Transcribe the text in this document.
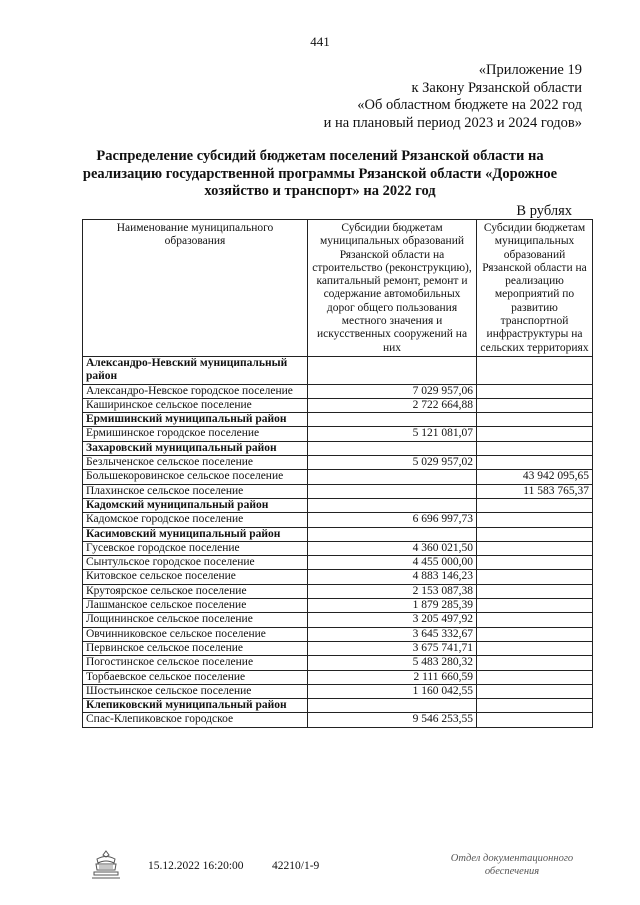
441
«Приложение 19
к Закону Рязанской области
«Об областном бюджете на 2022 год
и на плановый период 2023 и 2024 годов»
Распределение субсидий бюджетам поселений Рязанской области на реализацию государственной программы Рязанской области «Дорожное хозяйство и транспорт» на 2022 год
В рублях
Наименование муниципального образования	Субсидии бюджетам муниципальных образований Рязанской области на строительство (реконструкцию), капитальный ремонт, ремонт и содержание автомобильных дорог общего пользования местного значения и искусственных сооружений на них	Субсидии бюджетам муниципальных образований Рязанской области на реализацию мероприятий по развитию транспортной инфраструктуры на сельских территориях
Александро-Невский муниципальный район		
Александро-Невское городское поселение	7 029 957,06	
Каширинское сельское поселение	2 722 664,88	
Ермишинский муниципальный район		
Ермишинское городское поселение	5 121 081,07	
Захаровский муниципальный район		
Безлыченское сельское поселение	5 029 957,02	
Большекоровинское сельское поселение		43 942 095,65
Плахинское сельское поселение		11 583 765,37
Кадомский муниципальный район		
Кадомское городское поселение	6 696 997,73	
Касимовский муниципальный район		
Гусевское городское поселение	4 360 021,50	
Сынтульское городское поселение	4 455 000,00	
Китовское сельское поселение	4 883 146,23	
Крутоярское сельское поселение	2 153 087,38	
Лашманское сельское поселение	1 879 285,39	
Лощининское сельское поселение	3 205 497,92	
Овчинниковское сельское поселение	3 645 332,67	
Первинское сельское поселение	3 675 741,71	
Погостинское сельское поселение	5 483 280,32	
Торбаевское сельское поселение	2 111 660,59	
Шостьинское сельское поселение	1 160 042,55	
Клепиковский муниципальный район		
Спас-Клепиковское городское	9 546 253,55	
15.12.2022 16:20:00 42210/1-9
Отдел документационного
обеспечения
